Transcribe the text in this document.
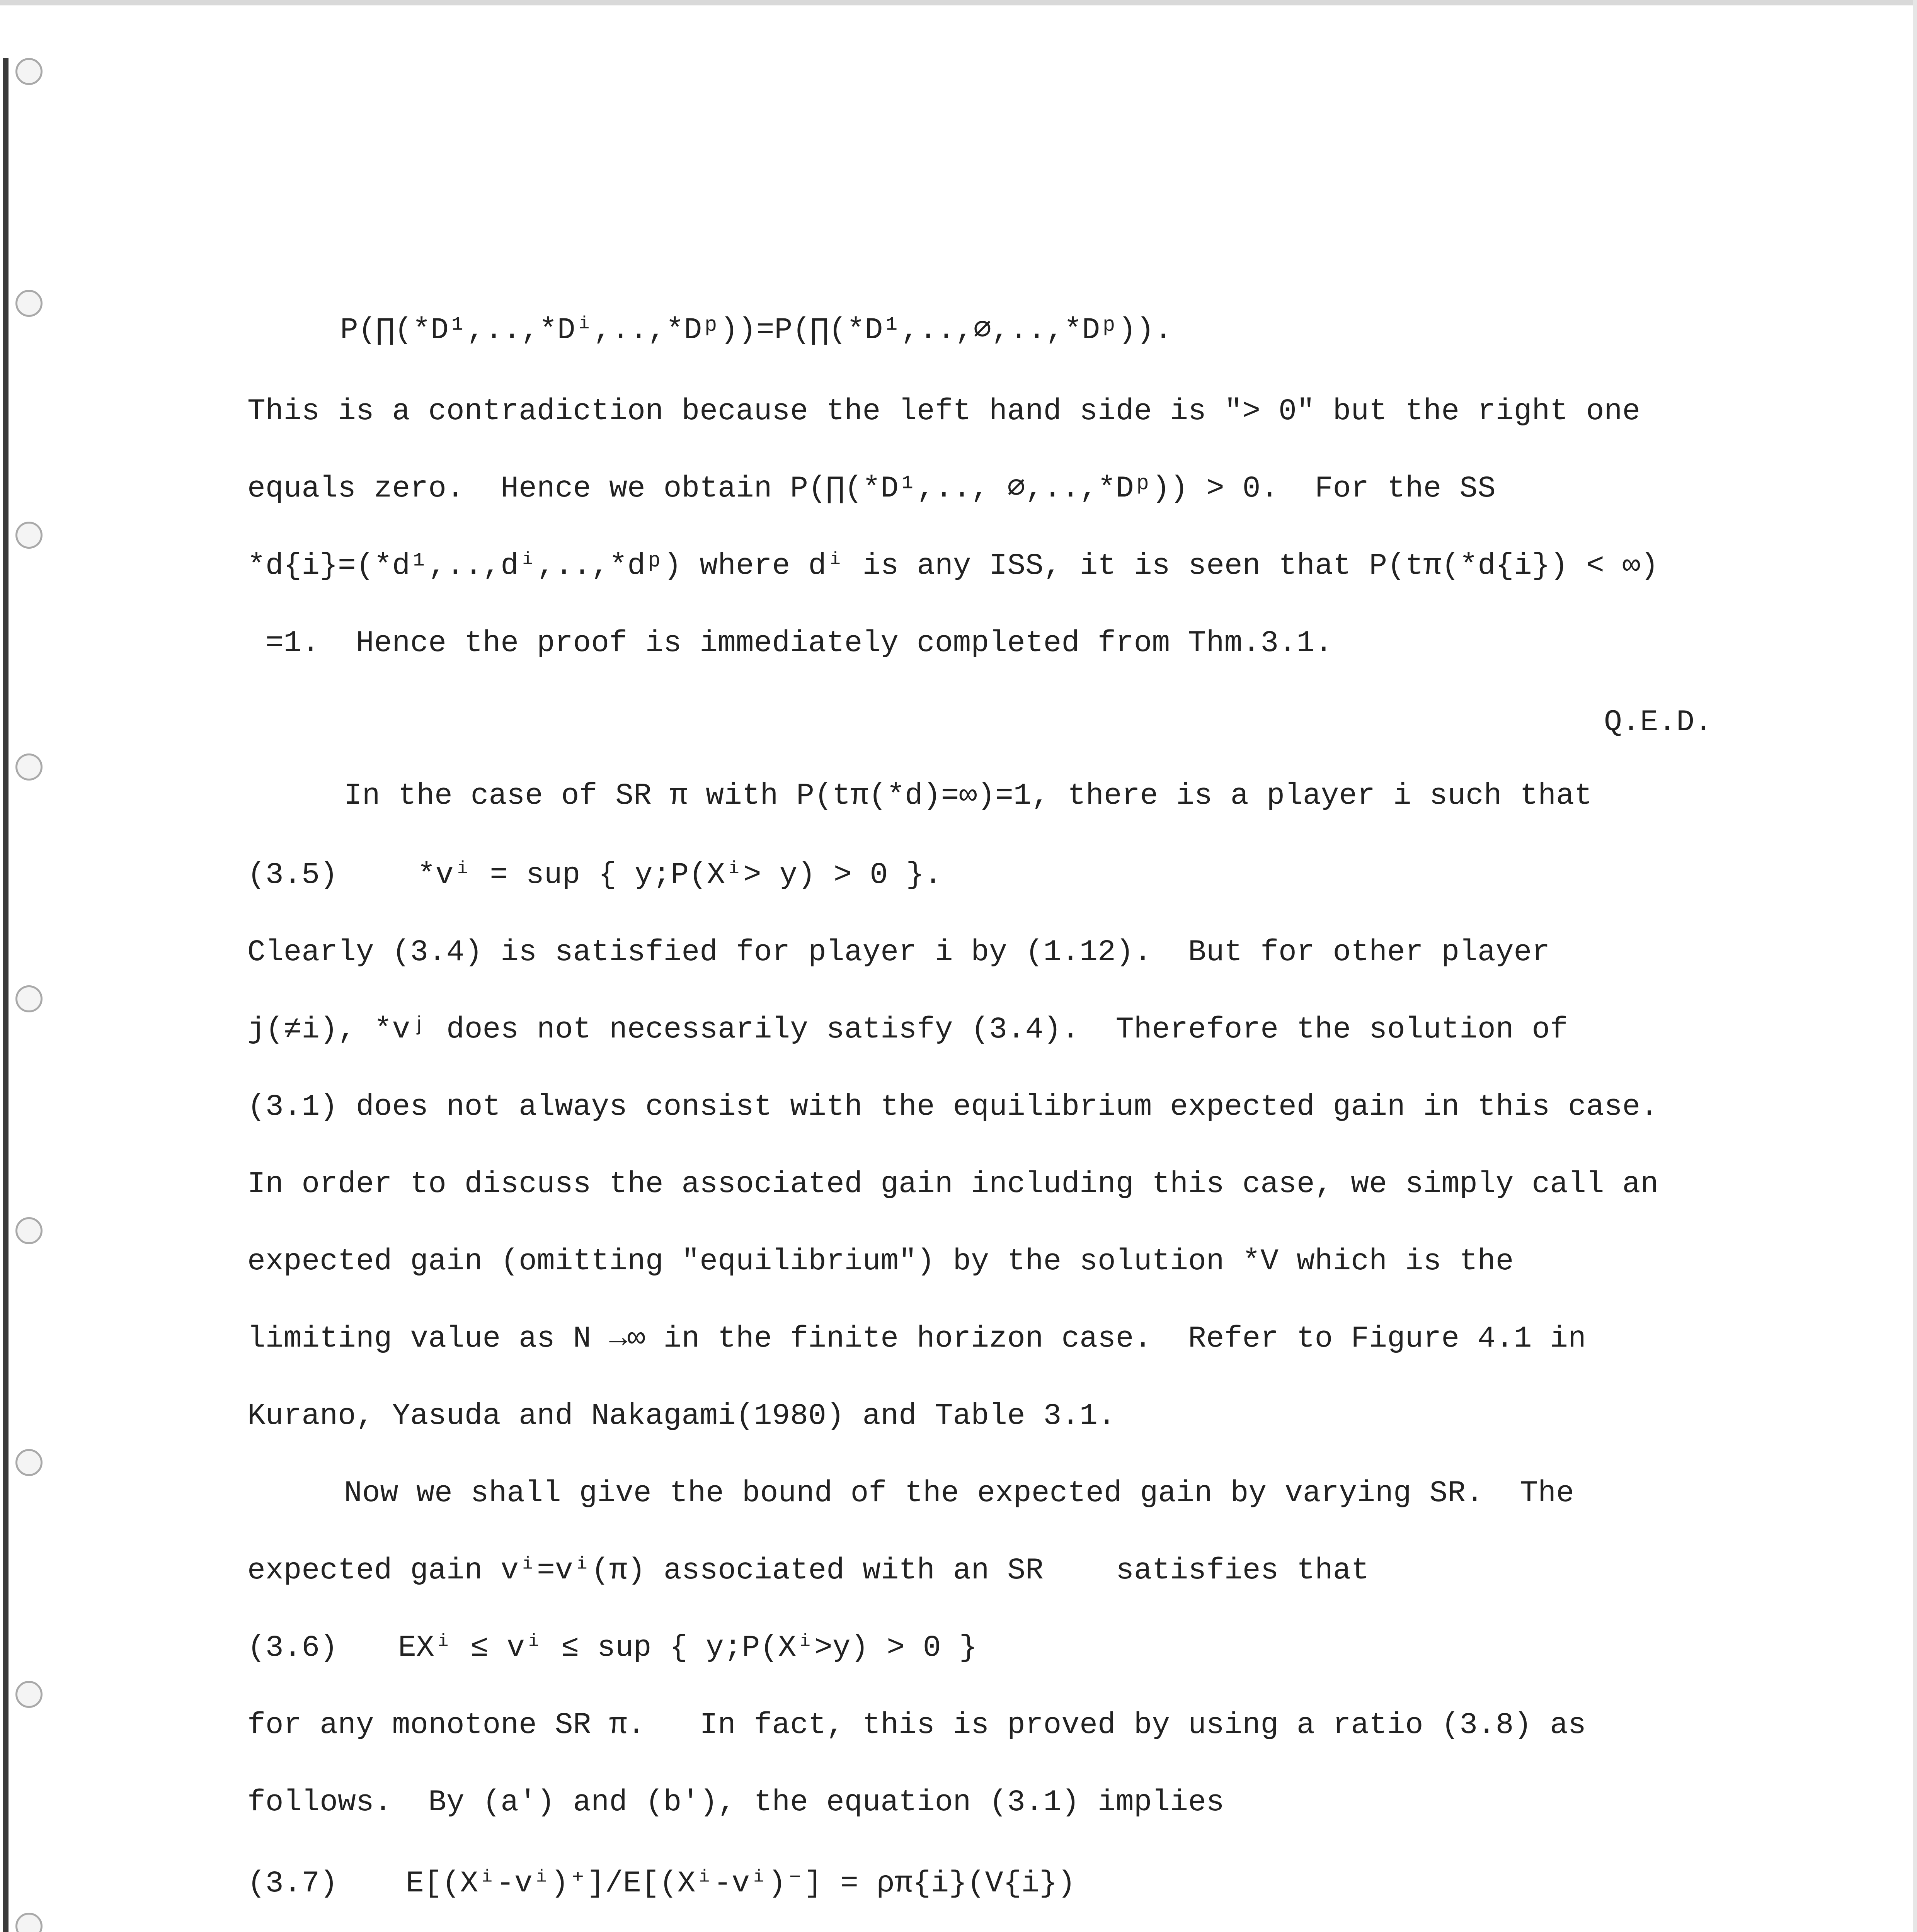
P(∏(*D¹,..,*Dⁱ,..,*Dᵖ))=P(∏(*D¹,..,∅,..,*Dᵖ)).
This is a contradiction because the left hand side is "> 0" but the right one
equals zero.  Hence we obtain P(∏(*D¹,.., ∅,..,*Dᵖ)) > 0.  For the SS
*d{i}=(*d¹,..,dⁱ,..,*dᵖ) where dⁱ is any ISS, it is seen that P(tπ(*d{i}) < ∞)
=1.  Hence the proof is immediately completed from Thm.3.1.
Q.E.D.
In the case of SR π with P(tπ(*d)=∞)=1, there is a player i such that
(3.5)	*vⁱ = sup { y;P(Xⁱ> y) > 0 }.
Clearly (3.4) is satisfied for player i by (1.12).  But for other player
j(≠i), *vʲ does not necessarily satisfy (3.4).  Therefore the solution of
(3.1) does not always consist with the equilibrium expected gain in this case.
In order to discuss the associated gain including this case, we simply call an
expected gain (omitting "equilibrium") by the solution *V which is the
limiting value as N →∞ in the finite horizon case.  Refer to Figure 4.1 in
Kurano, Yasuda and Nakagami(1980) and Table 3.1.
Now we shall give the bound of the expected gain by varying SR.  The
expected gain vⁱ=vⁱ(π) associated with an SR    satisfies that
(3.6) EXⁱ ≤ vⁱ ≤ sup { y;P(Xⁱ>y) > 0 }
for any monotone SR π.   In fact, this is proved by using a ratio (3.8) as
follows.  By (a') and (b'), the equation (3.1) implies
(3.7) E[(Xⁱ-vⁱ)⁺]/E[(Xⁱ-vⁱ)⁻] = ρπ{i}(V{i})
